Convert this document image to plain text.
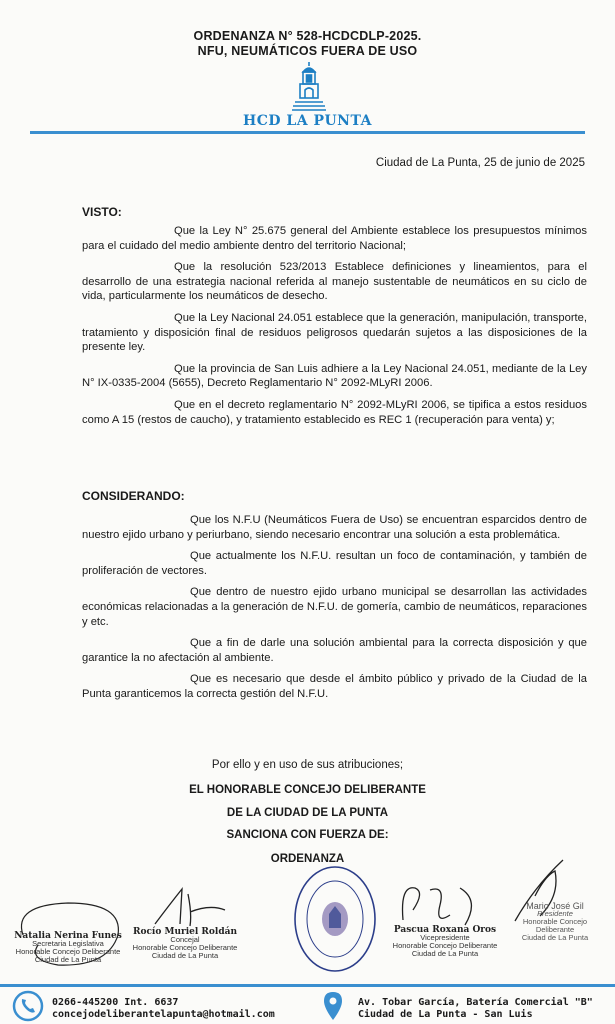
ORDENANZA N° 528-HCDCDLP-2025.
NFU, NEUMÁTICOS FUERA DE USO
HCD LA PUNTA
Ciudad de La Punta, 25 de junio de 2025
VISTO:

Que la Ley N° 25.675 general del Ambiente establece los presupuestos mínimos para el cuidado del medio ambiente dentro del territorio Nacional;

Que la resolución 523/2013 Establece definiciones y lineamientos, para el desarrollo de una estrategia nacional referida al manejo sustentable de neumáticos en su ciclo de vida, particularmente los neumáticos de desecho.

Que la Ley Nacional 24.051 establece que la generación, manipulación, transporte, tratamiento y disposición final de residuos peligrosos quedarán sujetos a las disposiciones de la presente ley.

Que la provincia de San Luis adhiere a la Ley Nacional 24.051, mediante de la Ley N° IX-0335-2004 (5655), Decreto Reglamentario N° 2092-MLyRI 2006.

Que en el decreto reglamentario N° 2092-MLyRI 2006, se tipifica a estos residuos como A 15 (restos de caucho), y tratamiento establecido es REC 1 (recuperación para venta) y;

CONSIDERANDO:

Que los N.F.U (Neumáticos Fuera de Uso) se encuentran esparcidos dentro de nuestro ejido urbano y periurbano, siendo necesario encontrar una solución a esta problemática.

Que actualmente los N.F.U. resultan un foco de contaminación, y también de proliferación de vectores.

Que dentro de nuestro ejido urbano municipal se desarrollan las actividades económicas relacionadas a la generación de N.F.U. de gomería, cambio de neumáticos, reparaciones y etc.

Que a fin de darle una solución ambiental para la correcta disposición y que garantice la no afectación al ambiente.

Que es necesario que desde el ámbito público y privado de la Ciudad de la Punta garanticemos la correcta gestión del N.F.U.

Por ello y en uso de sus atribuciones;
EL HONORABLE CONCEJO DELIBERANTE
DE LA CIUDAD DE LA PUNTA
SANCIONA CON FUERZA DE:
ORDENANZA
Natalia Nerina Funes
Secretaria Legislativa
Honorable Concejo Deliberante
Ciudad de La Punta
Rocío Muriel Roldán
Concejal
Honorable Concejo Deliberante
Ciudad de La Punta
Pascua Roxana Oros
Vicepresidente
Honorable Concejo Deliberante
Ciudad de La Punta
Mario José Gil
Presidente
Honorable Concejo Deliberante
Ciudad de La Punta
0266-445200 Int. 6637
concejodeliberantelapunta@hotmail.com
Av. Tobar García, Batería Comercial "B"
Ciudad de La Punta - San Luis
